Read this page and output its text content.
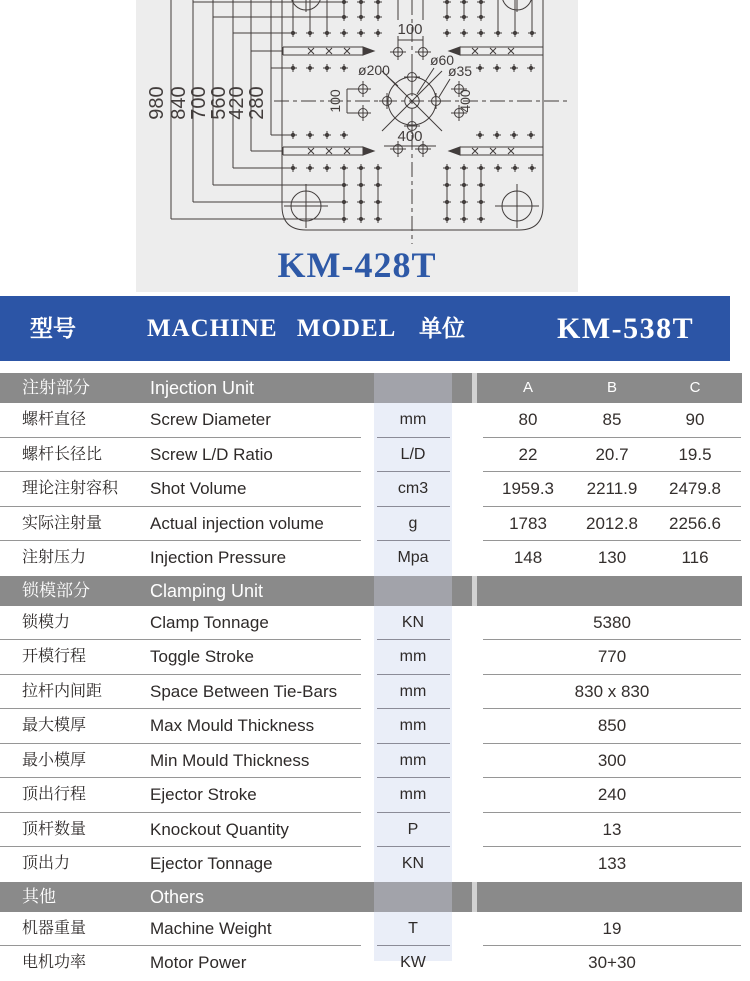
100
400
100	400
ø200
ø60
ø35
980 840
700
560
420
280
KM-428T
型号	MACHINE MODEL 单位	KM-538T
注射部分	Injection Unit	A	B	C
螺杆直径	Screw Diameter	mm	80	85	90
螺杆长径比	Screw L/D Ratio	L/D	22	20.7	19.5
理论注射容积 Shot Volume	cm3	1959.3	2211.9	2479.8
实际注射量	Actual injection volume	g	1783	2012.8	2256.6
注射压力	Injection Pressure	Mpa	148	130	116
锁模部分	Clamping Unit
锁模力	Clamp Tonnage	KN	5380
开模行程	Toggle Stroke	mm	770
拉杆内间距	Space Between Tie-Bars	mm	830 x 830
最大模厚	Max Mould Thickness	mm	850
最小模厚	Min Mould Thickness	mm	300
顶出行程	Ejector Stroke	mm	240
顶杆数量	Knockout Quantity	P	13
顶出力	Ejector Tonnage	KN	133
其他	Others
机器重量	Machine Weight	T	19
电机功率	Motor Power	KW	30+30
